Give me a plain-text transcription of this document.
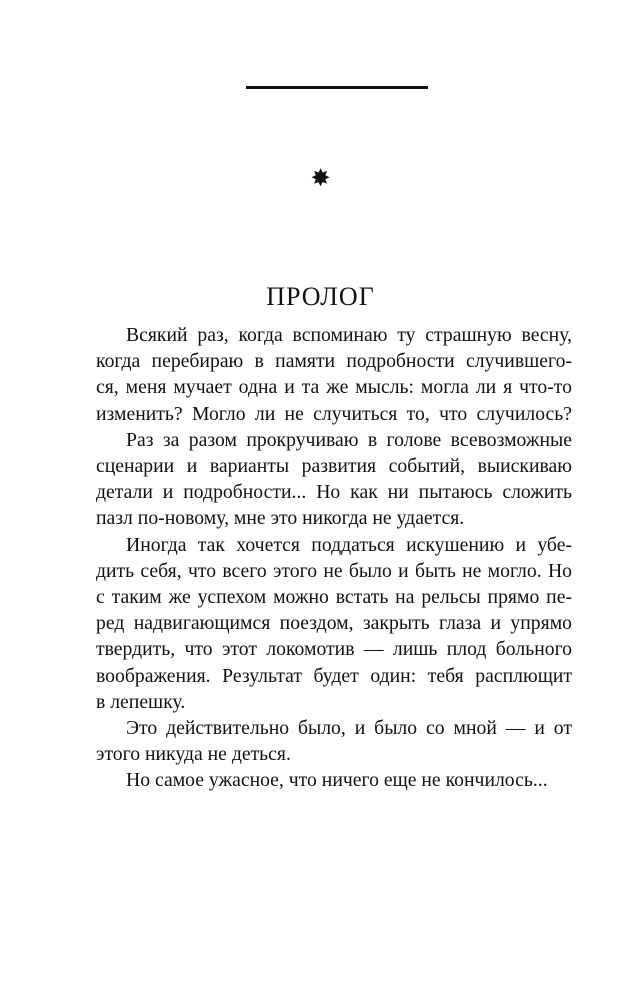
✸
ПРОЛОГ
Всякий раз, когда вспоминаю ту страшную весну,
когда перебираю в памяти подробности случившего-
ся, меня мучает одна и та же мысль: могла ли я что-то
изменить? Могло ли не случиться то, что случилось?
Раз за разом прокручиваю в голове всевозможные
сценарии и варианты развития событий, выискиваю
детали и подробности... Но как ни пытаюсь сложить
пазл по-новому, мне это никогда не удается.
Иногда так хочется поддаться искушению и убе-
дить себя, что всего этого не было и быть не могло. Но
с таким же успехом можно встать на рельсы прямо пе-
ред надвигающимся поездом, закрыть глаза и упрямо
твердить, что этот локомотив — лишь плод больного
воображения. Результат будет один: тебя расплющит
в лепешку.
Это действительно было, и было со мной — и от
этого никуда не деться.
Но самое ужасное, что ничего еще не кончилось...
